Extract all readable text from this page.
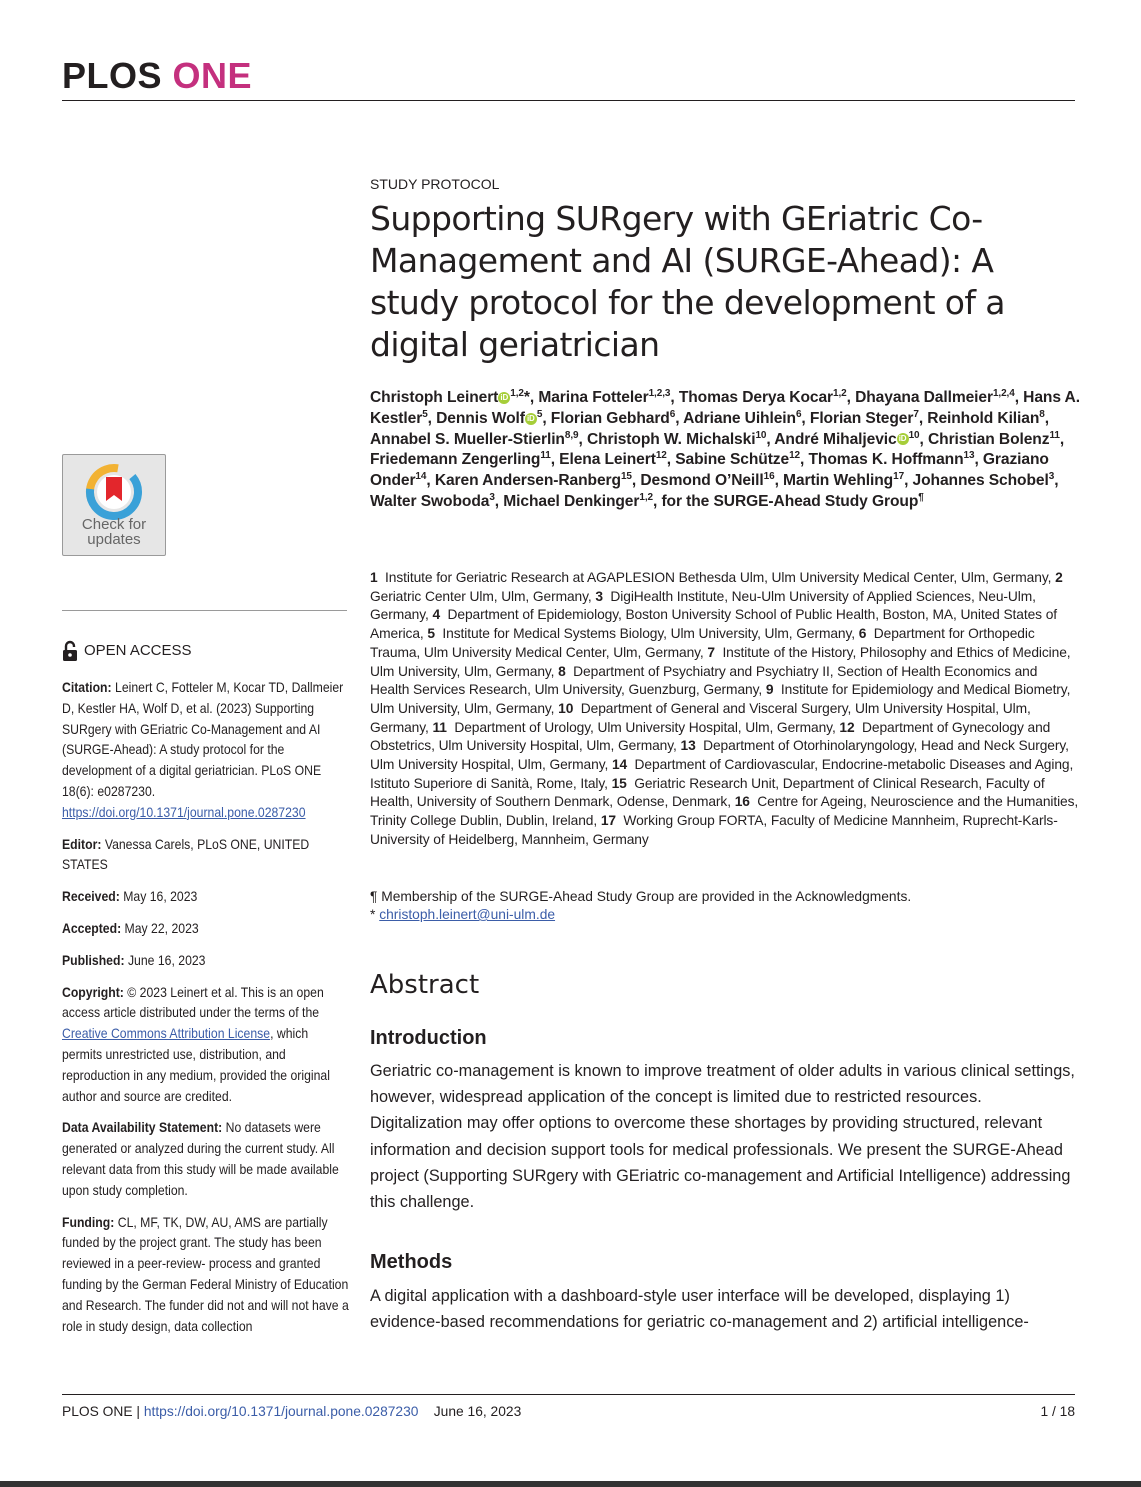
PLOS ONE
Check for
updates
OPEN ACCESS

Citation: Leinert C, Fotteler M, Kocar TD, Dallmeier D, Kestler HA, Wolf D, et al. (2023) Supporting SURgery with GEriatric Co-Management and AI (SURGE-Ahead): A study protocol for the development of a digital geriatrician. PLoS ONE 18(6): e0287230. https://doi.org/10.1371/journal.pone.0287230

Editor: Vanessa Carels, PLoS ONE, UNITED STATES

Received: May 16, 2023

Accepted: May 22, 2023

Published: June 16, 2023

Copyright: © 2023 Leinert et al. This is an open access article distributed under the terms of the Creative Commons Attribution License, which permits unrestricted use, distribution, and reproduction in any medium, provided the original author and source are credited.

Data Availability Statement: No datasets were generated or analyzed during the current study. All relevant data from this study will be made available upon study completion.

Funding: CL, MF, TK, DW, AU, AMS are partially funded by the project grant. The study has been reviewed in a peer-review- process and granted funding by the German Federal Ministry of Education and Research. The funder did not and will not have a role in study design, data collection

STUDY PROTOCOL
Supporting SURgery with GEriatric Co-Management and AI (SURGE-Ahead): A study protocol for the development of a digital geriatrician
Christoph Leinert iD $^{1,2}$*, Marina Fotteler$^{1,2,3}$, Thomas Derya Kocar$^{1,2}$, Dhayana Dallmeier$^{1,2,4}$, Hans A. Kestler$^5$, Dennis Wolf iD $^5$, Florian Gebhard$^6$, Adriane Uihlein$^6$, Florian Steger$^7$, Reinhold Kilian$^8$, Annabel S. Mueller-Stierlin$^{8,9}$, Christoph W. Michalski$^{10}$, André Mihaljevic iD $^{10}$, Christian Bolenz$^{11}$, Friedemann Zengerling$^{11}$, Elena Leinert$^{12}$, Sabine Schütze$^{12}$, Thomas K. Hoffmann$^{13}$, Graziano Onder$^{14}$, Karen Andersen-Ranberg$^{15}$, Desmond O’Neill$^{16}$, Martin Wehling$^{17}$, Johannes Schobel$^3$, Walter Swoboda$^3$, Michael Denkinger$^{1,2}$, for the SURGE-Ahead Study Group¶
1  Institute for Geriatric Research at AGAPLESION Bethesda Ulm, Ulm University Medical Center, Ulm, Germany, 2  Geriatric Center Ulm, Ulm, Germany, 3  DigiHealth Institute, Neu-Ulm University of Applied Sciences, Neu-Ulm, Germany, 4  Department of Epidemiology, Boston University School of Public Health, Boston, MA, United States of America, 5  Institute for Medical Systems Biology, Ulm University, Ulm, Germany, 6  Department for Orthopedic Trauma, Ulm University Medical Center, Ulm, Germany, 7  Institute of the History, Philosophy and Ethics of Medicine, Ulm University, Ulm, Germany, 8  Department of Psychiatry and Psychiatry II, Section of Health Economics and Health Services Research, Ulm University, Guenzburg, Germany, 9  Institute for Epidemiology and Medical Biometry, Ulm University, Ulm, Germany, 10  Department of General and Visceral Surgery, Ulm University Hospital, Ulm, Germany, 11  Department of Urology, Ulm University Hospital, Ulm, Germany, 12  Department of Gynecology and Obstetrics, Ulm University Hospital, Ulm, Germany, 13  Department of Otorhinolaryngology, Head and Neck Surgery, Ulm University Hospital, Ulm, Germany, 14  Department of Cardiovascular, Endocrine-metabolic Diseases and Aging, Istituto Superiore di Sanità, Rome, Italy, 15  Geriatric Research Unit, Department of Clinical Research, Faculty of Health, University of Southern Denmark, Odense, Denmark, 16  Centre for Ageing, Neuroscience and the Humanities, Trinity College Dublin, Dublin, Ireland, 17  Working Group FORTA, Faculty of Medicine Mannheim, Ruprecht-Karls-University of Heidelberg, Mannheim, Germany
¶ Membership of the SURGE-Ahead Study Group are provided in the Acknowledgments.
* christoph.leinert@uni-ulm.de
Abstract
Introduction
Geriatric co-management is known to improve treatment of older adults in various clinical settings, however, widespread application of the concept is limited due to restricted resources. Digitalization may offer options to overcome these shortages by providing structured, relevant information and decision support tools for medical professionals. We present the SURGE-Ahead project (Supporting SURgery with GEriatric co-management and Artificial Intelligence) addressing this challenge.
Methods
A digital application with a dashboard-style user interface will be developed, displaying 1) evidence-based recommendations for geriatric co-management and 2) artificial intelligence-
PLOS ONE | https://doi.org/10.1371/journal.pone.0287230 June 16, 2023	1 / 18
